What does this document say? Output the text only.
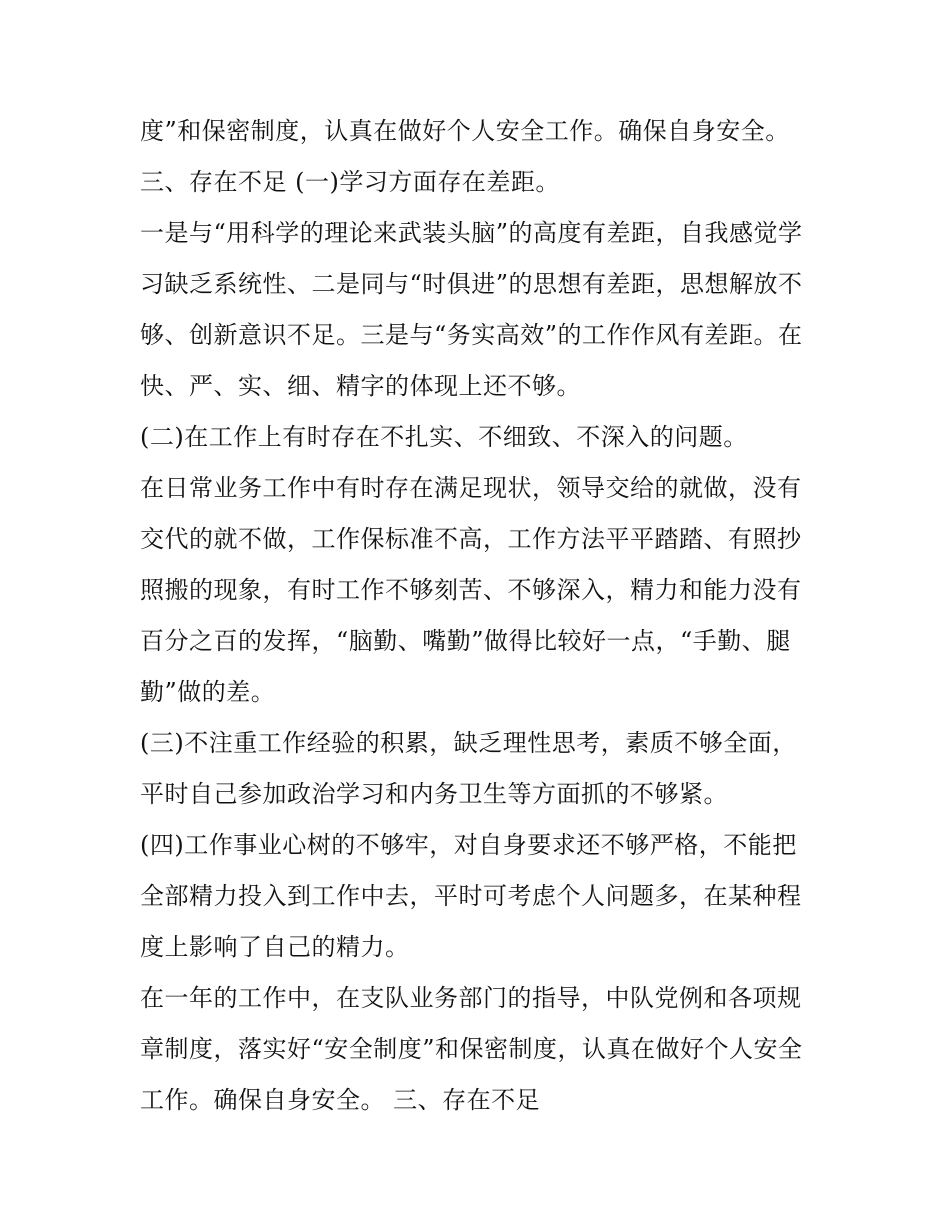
度”和保密制度，认真在做好个人安全工作。确保自身安全。
三、存在不足 (一)学习方面存在差距。
一是与“用科学的理论来武装头脑”的高度有差距，自我感觉学
习缺乏系统性、二是同与“时俱进”的思想有差距，思想解放不
够、创新意识不足。三是与“务实高效”的工作作风有差距。在
快、严、实、细、精字的体现上还不够。
(二)在工作上有时存在不扎实、不细致、不深入的问题。
在日常业务工作中有时存在满足现状，领导交给的就做，没有
交代的就不做，工作保标准不高，工作方法平平踏踏、有照抄
照搬的现象，有时工作不够刻苦、不够深入，精力和能力没有
百分之百的发挥，“脑勤、嘴勤”做得比较好一点，“手勤、腿
勤”做的差。
(三)不注重工作经验的积累，缺乏理性思考，素质不够全面，
平时自己参加政治学习和内务卫生等方面抓的不够紧。
(四)工作事业心树的不够牢，对自身要求还不够严格，不能把
全部精力投入到工作中去，平时可考虑个人问题多，在某种程
度上影响了自己的精力。
在一年的工作中，在支队业务部门的指导，中队党例和各项规
章制度，落实好“安全制度”和保密制度，认真在做好个人安全
工作。确保自身安全。 三、存在不足
